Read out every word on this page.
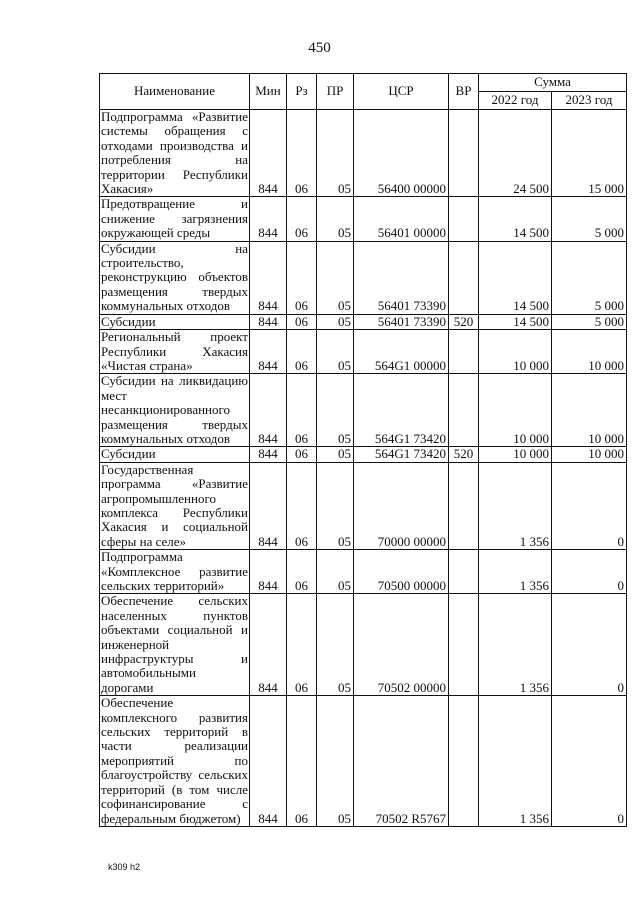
450
Наименование	Мин	Рз	ПР	ЦСР	ВР	Сумма	
						2022 год	2023 год
Подпрограмма «Развитие системы обращения с отходами производства и потребления на территории Республики Хакасия»	844	06	05	56400 00000		24 500	15 000
Предотвращение и снижение загрязнения окружающей среды	844	06	05	56401 00000		14 500	5 000
Субсидии на строительство, реконструкцию объектов размещения твердых коммунальных отходов	844	06	05	56401 73390		14 500	5 000
Субсидии	844	06	05	56401 73390	520	14 500	5 000
Региональный проект Республики Хакасия «Чистая страна»	844	06	05	564G1 00000		10 000	10 000
Субсидии на ликвидацию мест несанкционированного размещения твердых коммунальных отходов	844	06	05	564G1 73420		10 000	10 000
Субсидии	844	06	05	564G1 73420	520	10 000	10 000
Государственная программа «Развитие агропромышленного комплекса Республики Хакасия и социальной сферы на селе»	844	06	05	70000 00000		1 356	0
Подпрограмма «Комплексное развитие сельских территорий»	844	06	05	70500 00000		1 356	0
Обеспечение сельских населенных пунктов объектами социальной и инженерной инфраструктуры и автомобильными дорогами	844	06	05	70502 00000		1 356	0
Обеспечение комплексного развития сельских территорий в части реализации мероприятий по благоустройству сельских территорий (в том числе софинансирование с федеральным бюджетом)	844	06	05	70502 R5767		1 356	0
k309 h2
